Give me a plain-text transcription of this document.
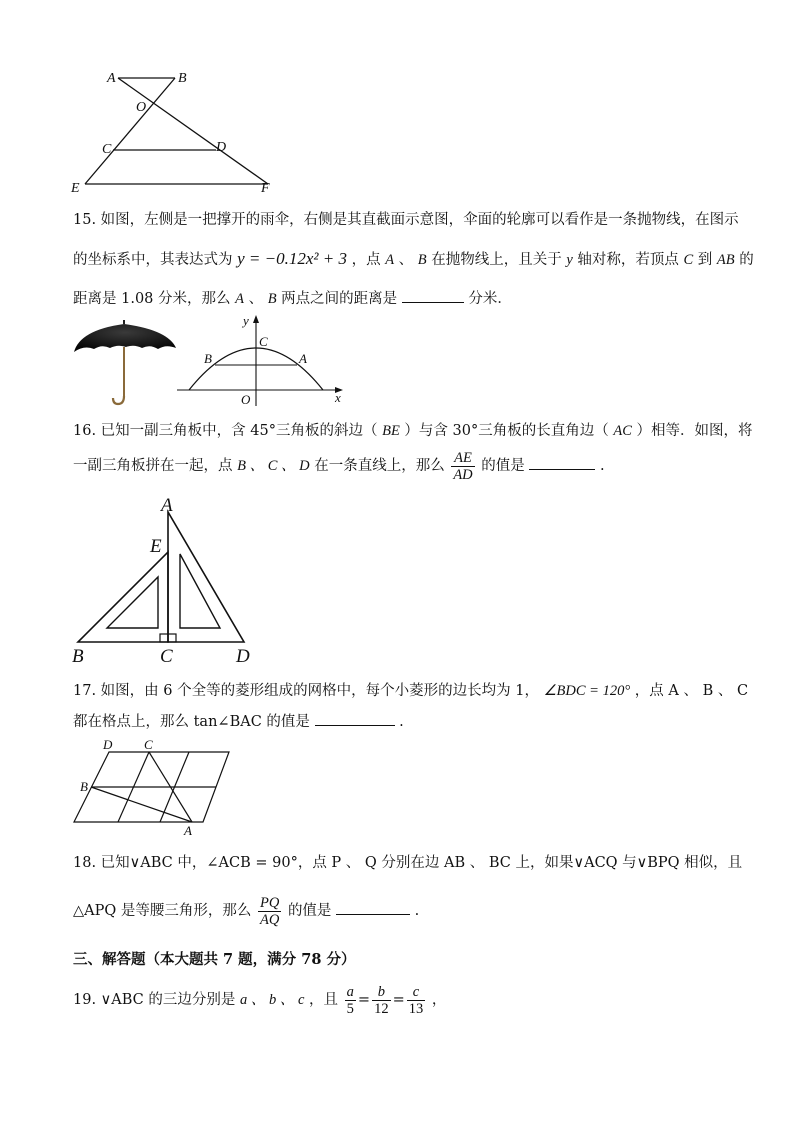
A	B
O
C	D
E	F
15. 如图，左侧是一把撑开的雨伞，右侧是其直截面示意图，伞面的轮廓可以看作是一条抛物线，在图示
的坐标系中，其表达式为 y = −0.12x² + 3 ，点 A 、 B 在抛物线上，且关于 y 轴对称，若顶点 C 到 AB 的
距离是 1.08 分米，那么 A 、 B 两点之间的距离是	分米．
y
C
B	A
O	x
16. 已知一副三角板中，含 45°三角板的斜边（ BE ）与含 30°三角板的长直角边（ AC ）相等．如图，将
一副三角板拼在一起，点 B 、 C 、 D 在一条直线上，那么 $\frac{AE}{AD}$ 的值是	.
A
E
B	C	D
17. 如图，由 6 个全等的菱形组成的网格中，每个小菱形的边长均为 1， ∠BDC = 120° ，点 A 、 B 、 C
都在格点上，那么 tan∠BAC 的值是	.
D C
B
A
18. 已知∨ABC 中，∠ACB = 90°，点 P 、 Q 分别在边 AB 、 BC 上，如果∨ACQ 与∨BPQ 相似，且
△APQ 是等腰三角形，那么 $\frac{PQ}{AQ}$ 的值是	.
三、解答题（本大题共 7 题，满分 78 分）
19. ∨ABC 的三边分别是 a 、 b 、 c ，且 $\frac{a}{5} = \frac{b}{12} = \frac{c}{13}$ ，
